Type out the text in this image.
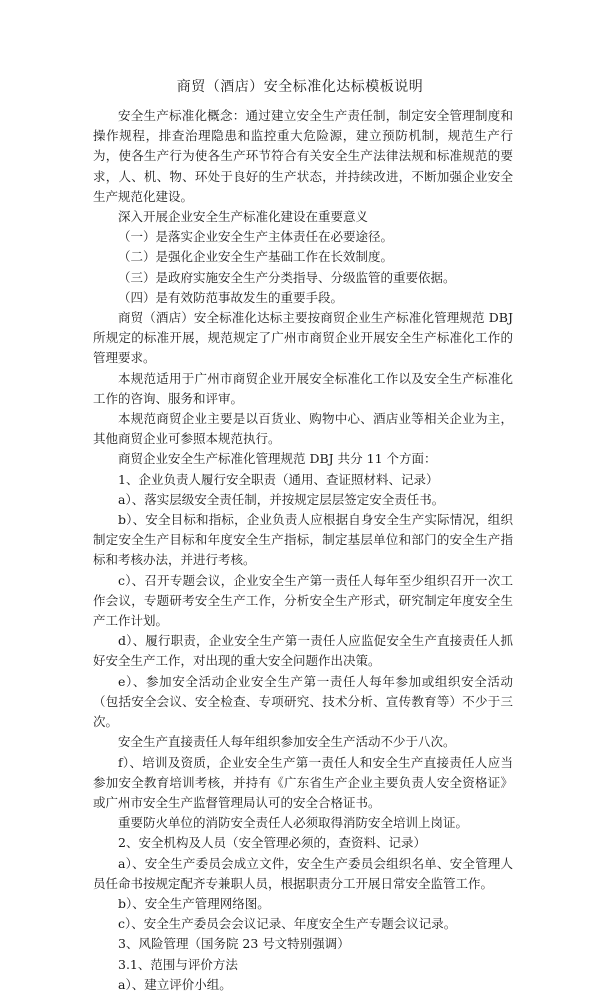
商贸（酒店）安全标准化达标模板说明

安全生产标准化概念：通过建立安全生产责任制，制定安全管理制度和操作规程，排查治理隐患和监控重大危险源，建立预防机制，规范生产行为，使各生产行为使各生产环节符合有关安全生产法律法规和标准规范的要求，人、机、物、环处于良好的生产状态，并持续改进，不断加强企业安全生产规范化建设。

深入开展企业安全生产标准化建设在重要意义

（一）是落实企业安全生产主体责任在必要途径。

（二）是强化企业安全生产基础工作在长效制度。

（三）是政府实施安全生产分类指导、分级监管的重要依据。

（四）是有效防范事故发生的重要手段。

商贸（酒店）安全标准化达标主要按商贸企业生产标准化管理规范 DBJ 所规定的标准开展，规范规定了广州市商贸企业开展安全生产标准化工作的管理要求。

本规范适用于广州市商贸企业开展安全标准化工作以及安全生产标准化工作的咨询、服务和评审。

本规范商贸企业主要是以百货业、购物中心、酒店业等相关企业为主，其他商贸企业可参照本规范执行。

商贸企业安全生产标准化管理规范 DBJ 共分 11 个方面：

1、企业负责人履行安全职责（通用、查证照材料、记录）

a）、落实层级安全责任制，并按规定层层签定安全责任书。

b）、安全目标和指标，企业负责人应根据自身安全生产实际情况，组织制定安全生产目标和年度安全生产指标，制定基层单位和部门的安全生产指标和考核办法，并进行考核。

c）、召开专题会议，企业安全生产第一责任人每年至少组织召开一次工作会议，专题研考安全生产工作，分析安全生产形式，研究制定年度安全生产工作计划。

d）、履行职责，企业安全生产第一责任人应监促安全生产直接责任人抓好安全生产工作，对出现的重大安全问题作出决策。

e）、参加安全活动企业安全生产第一责任人每年参加或组织安全活动（包括安全会议、安全检查、专项研究、技术分析、宣传教育等）不少于三次。

安全生产直接责任人每年组织参加安全生产活动不少于八次。

f）、培训及资质，企业安全生产第一责任人和安全生产直接责任人应当参加安全教育培训考核，并持有《广东省生产企业主要负责人安全资格证》或广州市安全生产监督管理局认可的安全合格证书。

重要防火单位的消防安全责任人必须取得消防安全培训上岗证。

2、安全机构及人员（安全管理必须的，查资料、记录）

a）、安全生产委员会成立文件，安全生产委员会组织名单、安全管理人员任命书按规定配齐专兼职人员，根据职责分工开展日常安全监管工作。

b）、安全生产管理网络图。

c）、安全生产委员会会议记录、年度安全生产专题会议记录。

3、风险管理（国务院 23 号文特别强调）

3.1、范围与评价方法

a）、建立评价小组。
